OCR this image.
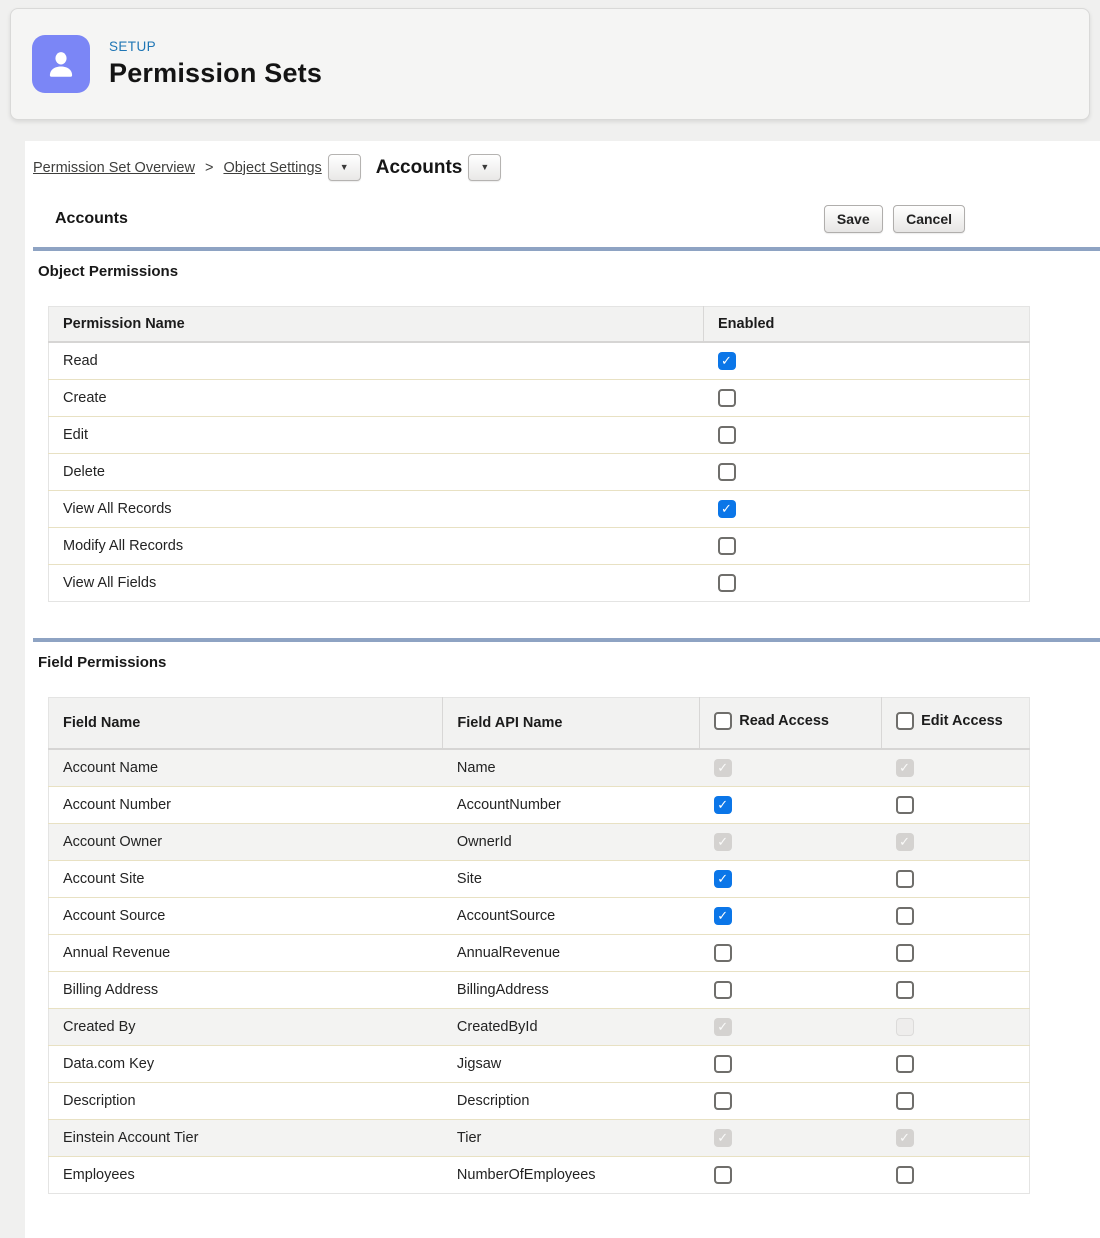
SETUP
Permission Sets
Permission Set Overview > Object Settings ▼ Accounts ▼
Accounts	Save	Cancel
Object Permissions
Permission Name	Enabled
Read	✓
Create	
Edit	
Delete	
View All Records	✓
Modify All Records	
View All Fields	
Field Permissions
Field Name	Field API Name	Read Access	Edit Access

Account Name	Name	✓	✓
Account Number	AccountNumber	✓	
Account Owner	OwnerId	✓	✓
Account Site	Site	✓	
Account Source	AccountSource	✓	
Annual Revenue	AnnualRevenue		
Billing Address	BillingAddress		
Created By	CreatedById	✓	
Data.com Key	Jigsaw		
Description	Description		
Einstein Account Tier	Tier	✓	✓
Employees	NumberOfEmployees		
